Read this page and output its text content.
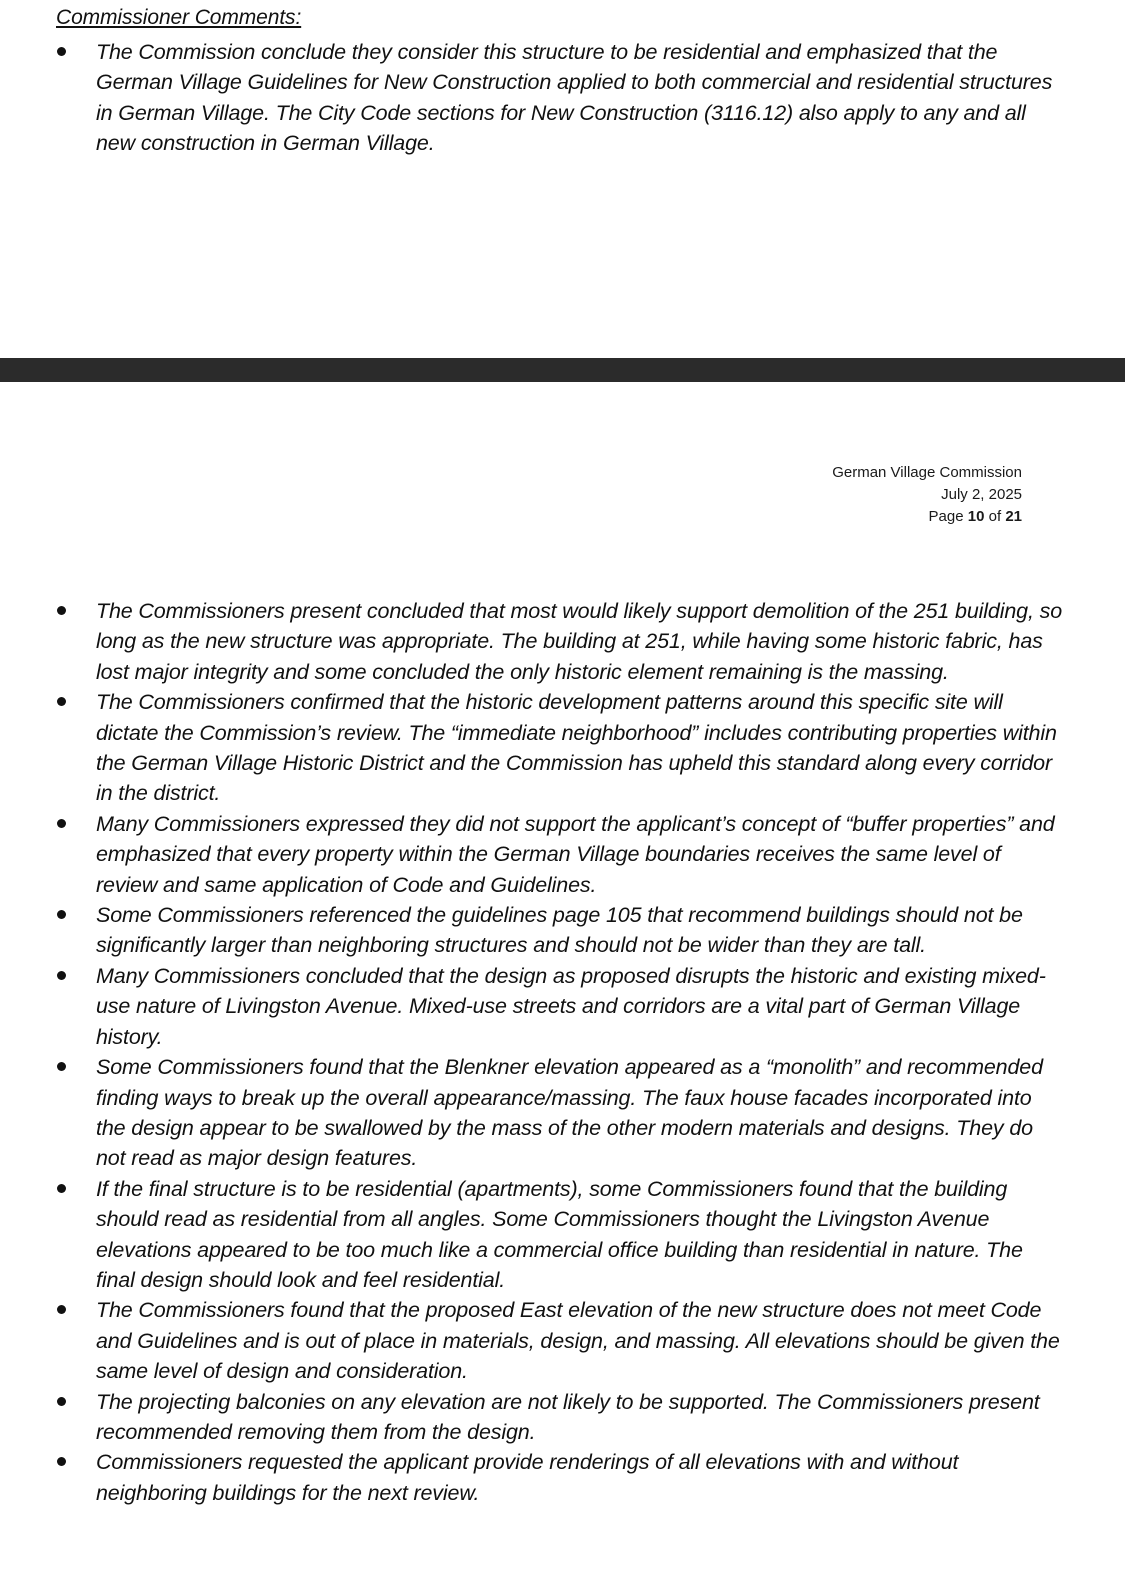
Commissioner Comments:
The Commission conclude they consider this structure to be residential and emphasized that the German Village Guidelines for New Construction applied to both commercial and residential structures in German Village. The City Code sections for New Construction (3116.12) also apply to any and all new construction in German Village.
German Village Commission
July 2, 2025
Page 10 of 21
The Commissioners present concluded that most would likely support demolition of the 251 building, so long as the new structure was appropriate. The building at 251, while having some historic fabric, has lost major integrity and some concluded the only historic element remaining is the massing.
The Commissioners confirmed that the historic development patterns around this specific site will dictate the Commission’s review. The “immediate neighborhood” includes contributing properties within the German Village Historic District and the Commission has upheld this standard along every corridor in the district.
Many Commissioners expressed they did not support the applicant’s concept of “buffer properties” and emphasized that every property within the German Village boundaries receives the same level of review and same application of Code and Guidelines.
Some Commissioners referenced the guidelines page 105 that recommend buildings should not be significantly larger than neighboring structures and should not be wider than they are tall.
Many Commissioners concluded that the design as proposed disrupts the historic and existing mixed-use nature of Livingston Avenue. Mixed-use streets and corridors are a vital part of German Village history.
Some Commissioners found that the Blenkner elevation appeared as a “monolith” and recommended finding ways to break up the overall appearance/massing. The faux house facades incorporated into the design appear to be swallowed by the mass of the other modern materials and designs. They do not read as major design features.
If the final structure is to be residential (apartments), some Commissioners found that the building should read as residential from all angles. Some Commissioners thought the Livingston Avenue elevations appeared to be too much like a commercial office building than residential in nature. The final design should look and feel residential.
The Commissioners found that the proposed East elevation of the new structure does not meet Code and Guidelines and is out of place in materials, design, and massing. All elevations should be given the same level of design and consideration.
The projecting balconies on any elevation are not likely to be supported. The Commissioners present recommended removing them from the design.
Commissioners requested the applicant provide renderings of all elevations with and without neighboring buildings for the next review.
